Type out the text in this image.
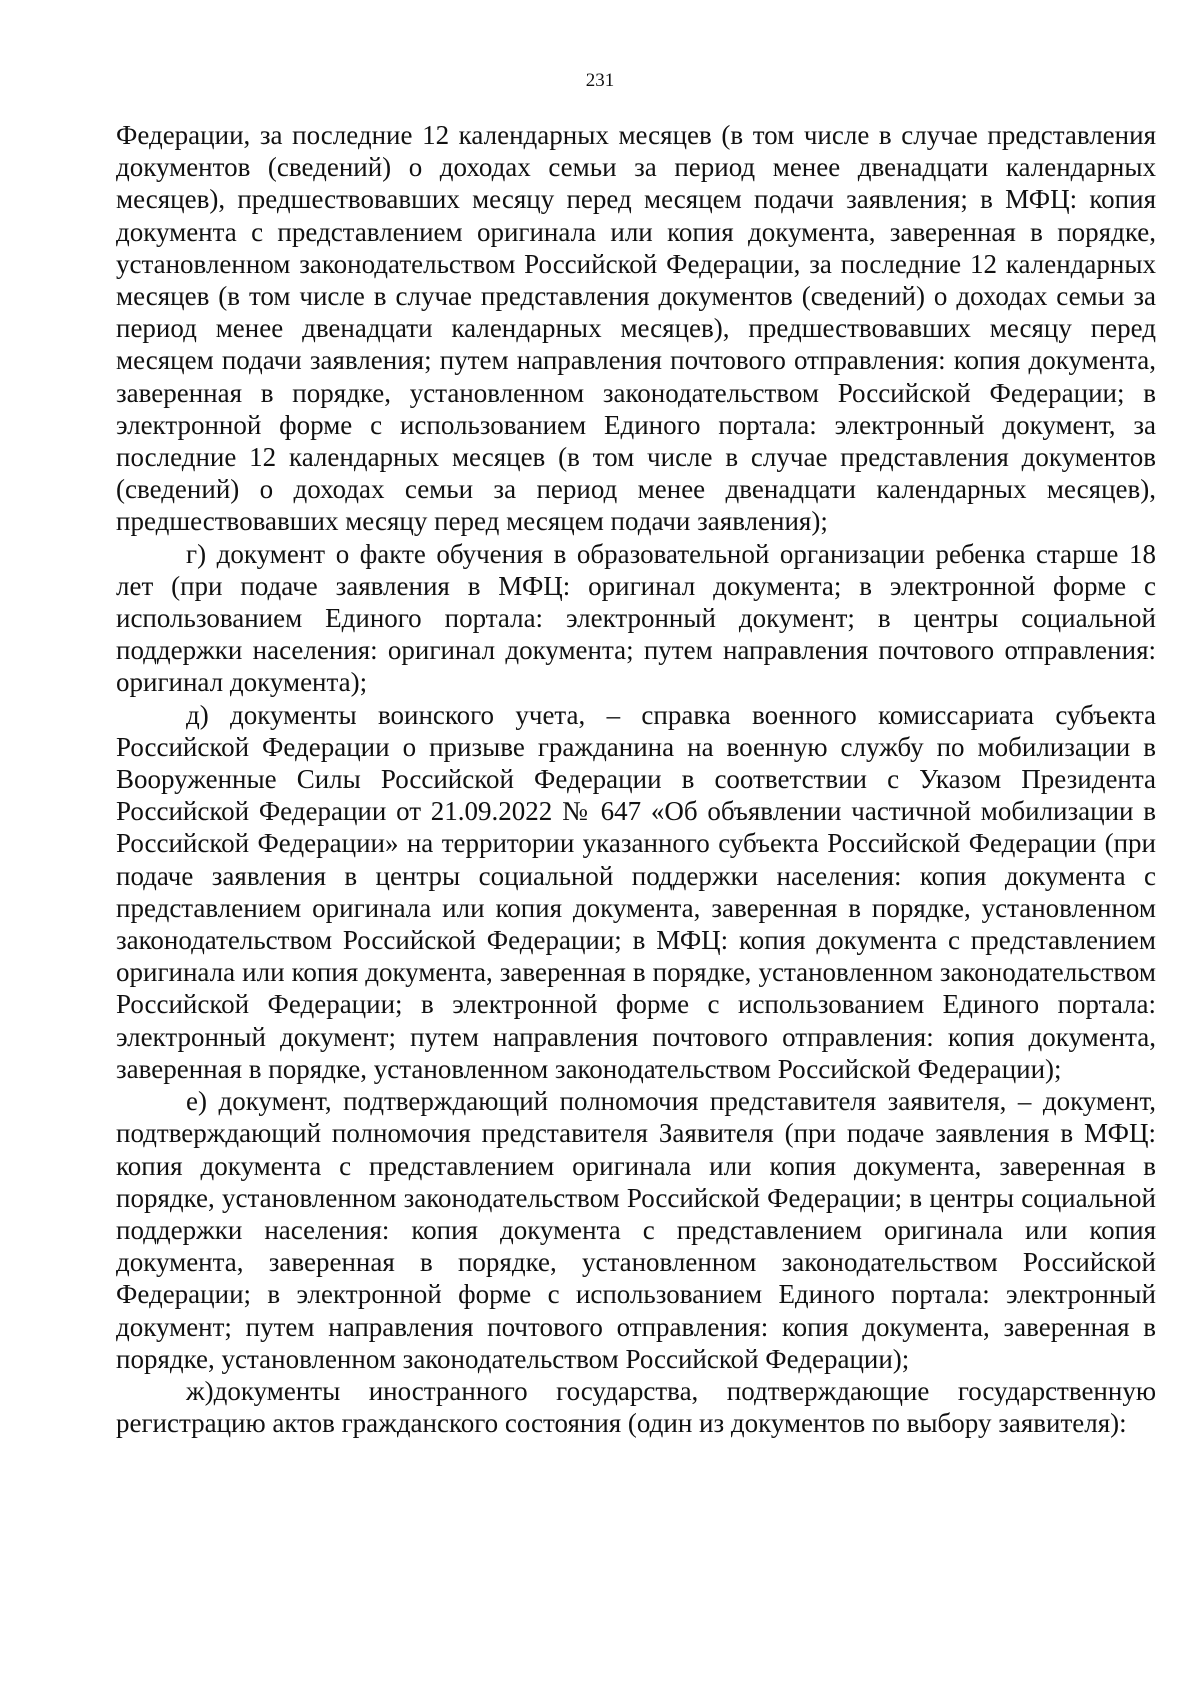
231

Федерации, за последние 12 календарных месяцев (в том числе в случае представления документов (сведений) о доходах семьи за период менее двенадцати календарных месяцев), предшествовавших месяцу перед месяцем подачи заявления; в МФЦ: копия документа с представлением оригинала или копия документа, заверенная в порядке, установленном законодательством Российской Федерации, за последние 12 календарных месяцев (в том числе в случае представления документов (сведений) о доходах семьи за период менее двенадцати календарных месяцев), предшествовавших месяцу перед месяцем подачи заявления; путем направления почтового отправления: копия документа, заверенная в порядке, установленном законодательством Российской Федерации; в электронной форме с использованием Единого портала: электронный документ, за последние 12 календарных месяцев (в том числе в случае представления документов (сведений) о доходах семьи за период менее двенадцати календарных месяцев), предшествовавших месяцу перед месяцем подачи заявления);

г) документ о факте обучения в образовательной организации ребенка старше 18 лет (при подаче заявления в МФЦ: оригинал документа; в электронной форме с использованием Единого портала: электронный документ; в центры социальной поддержки населения: оригинал документа; путем направления почтового отправления: оригинал документа);

д) документы воинского учета, – справка военного комиссариата субъекта Российской Федерации о призыве гражданина на военную службу по мобилизации в Вооруженные Силы Российской Федерации в соответствии с Указом Президента Российской Федерации от 21.09.2022 № 647 «Об объявлении частичной мобилизации в Российской Федерации» на территории указанного субъекта Российской Федерации (при подаче заявления в центры социальной поддержки населения: копия документа с представлением оригинала или копия документа, заверенная в порядке, установленном законодательством Российской Федерации; в МФЦ: копия документа с представлением оригинала или копия документа, заверенная в порядке, установленном законодательством Российской Федерации; в электронной форме с использованием Единого портала: электронный документ; путем направления почтового отправления: копия документа, заверенная в порядке, установленном законодательством Российской Федерации);

е) документ, подтверждающий полномочия представителя заявителя, – документ, подтверждающий полномочия представителя Заявителя (при подаче заявления в МФЦ: копия документа с представлением оригинала или копия документа, заверенная в порядке, установленном законодательством Российской Федерации; в центры социальной поддержки населения: копия документа с представлением оригинала или копия документа, заверенная в порядке, установленном законодательством Российской Федерации; в электронной форме с использованием Единого портала: электронный документ; путем направления почтового отправления: копия документа, заверенная в порядке, установленном законодательством Российской Федерации);

ж)документы иностранного государства, подтверждающие государственную регистрацию актов гражданского состояния (один из документов по выбору заявителя):
